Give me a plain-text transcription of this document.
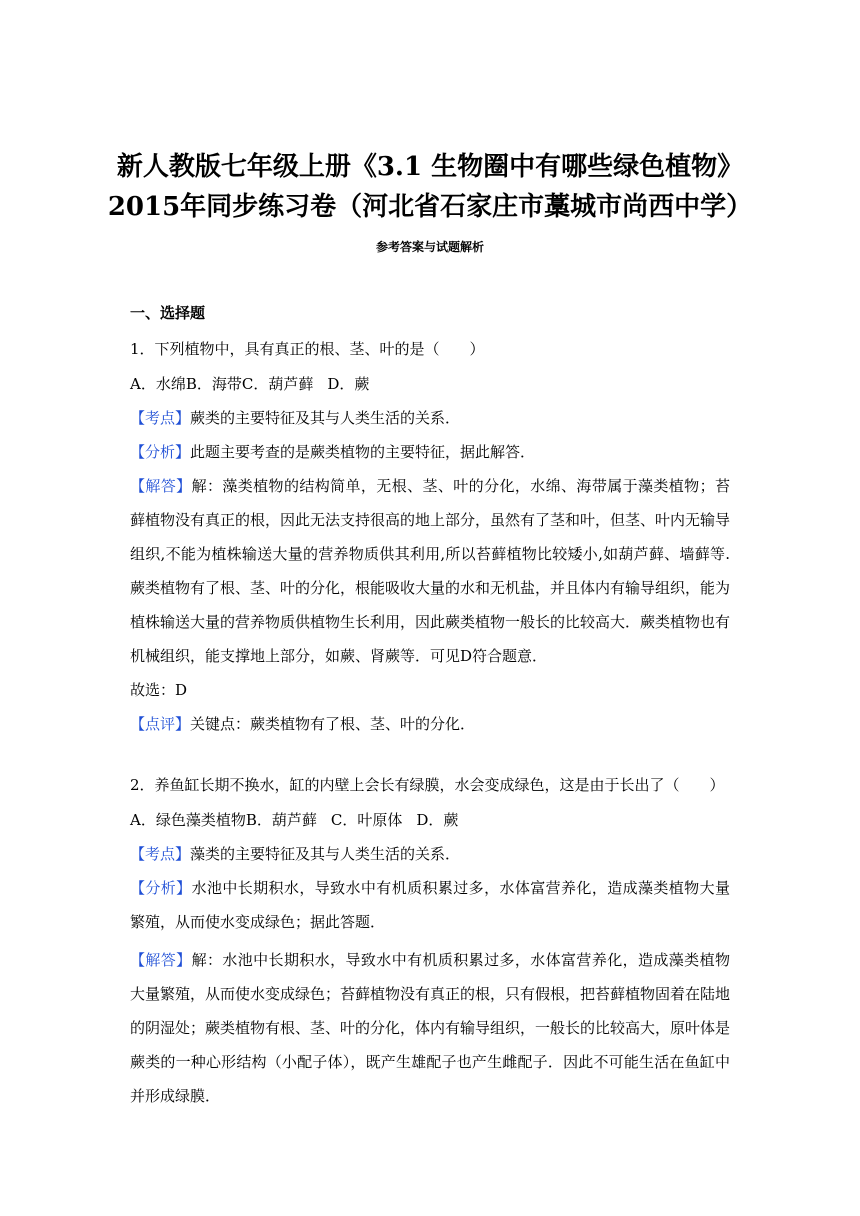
新人教版七年级上册《3.1 生物圈中有哪些绿色植物》
2015年同步练习卷（河北省石家庄市藁城市尚西中学）
参考答案与试题解析
一、选择题
1．下列植物中，具有真正的根、茎、叶的是（　　）
A．水绵B．海带C．葫芦藓 D．蕨
【考点】蕨类的主要特征及其与人类生活的关系．
【分析】此题主要考查的是蕨类植物的主要特征，据此解答．
【解答】解：藻类植物的结构简单，无根、茎、叶的分化，水绵、海带属于藻类植物；苔藓植物没有真正的根，因此无法支持很高的地上部分，虽然有了茎和叶，但茎、叶内无输导组织,不能为植株输送大量的营养物质供其利用,所以苔藓植物比较矮小,如葫芦藓、墙藓等.蕨类植物有了根、茎、叶的分化，根能吸收大量的水和无机盐，并且体内有输导组织，能为植株输送大量的营养物质供植物生长利用，因此蕨类植物一般长的比较高大．蕨类植物也有机械组织，能支撑地上部分，如蕨、肾蕨等．可见D符合题意．
故选：D
【点评】关键点：蕨类植物有了根、茎、叶的分化．
2．养鱼缸长期不换水，缸的内壁上会长有绿膜，水会变成绿色，这是由于长出了（　　）
A．绿色藻类植物B．葫芦藓 C．叶原体 D．蕨
【考点】藻类的主要特征及其与人类生活的关系．
【分析】水池中长期积水，导致水中有机质积累过多，水体富营养化，造成藻类植物大量繁殖，从而使水变成绿色；据此答题．
【解答】解：水池中长期积水，导致水中有机质积累过多，水体富营养化，造成藻类植物大量繁殖，从而使水变成绿色；苔藓植物没有真正的根，只有假根，把苔藓植物固着在陆地的阴湿处；蕨类植物有根、茎、叶的分化，体内有输导组织，一般长的比较高大，原叶体是蕨类的一种心形结构（小配子体），既产生雄配子也产生雌配子．因此不可能生活在鱼缸中并形成绿膜．
